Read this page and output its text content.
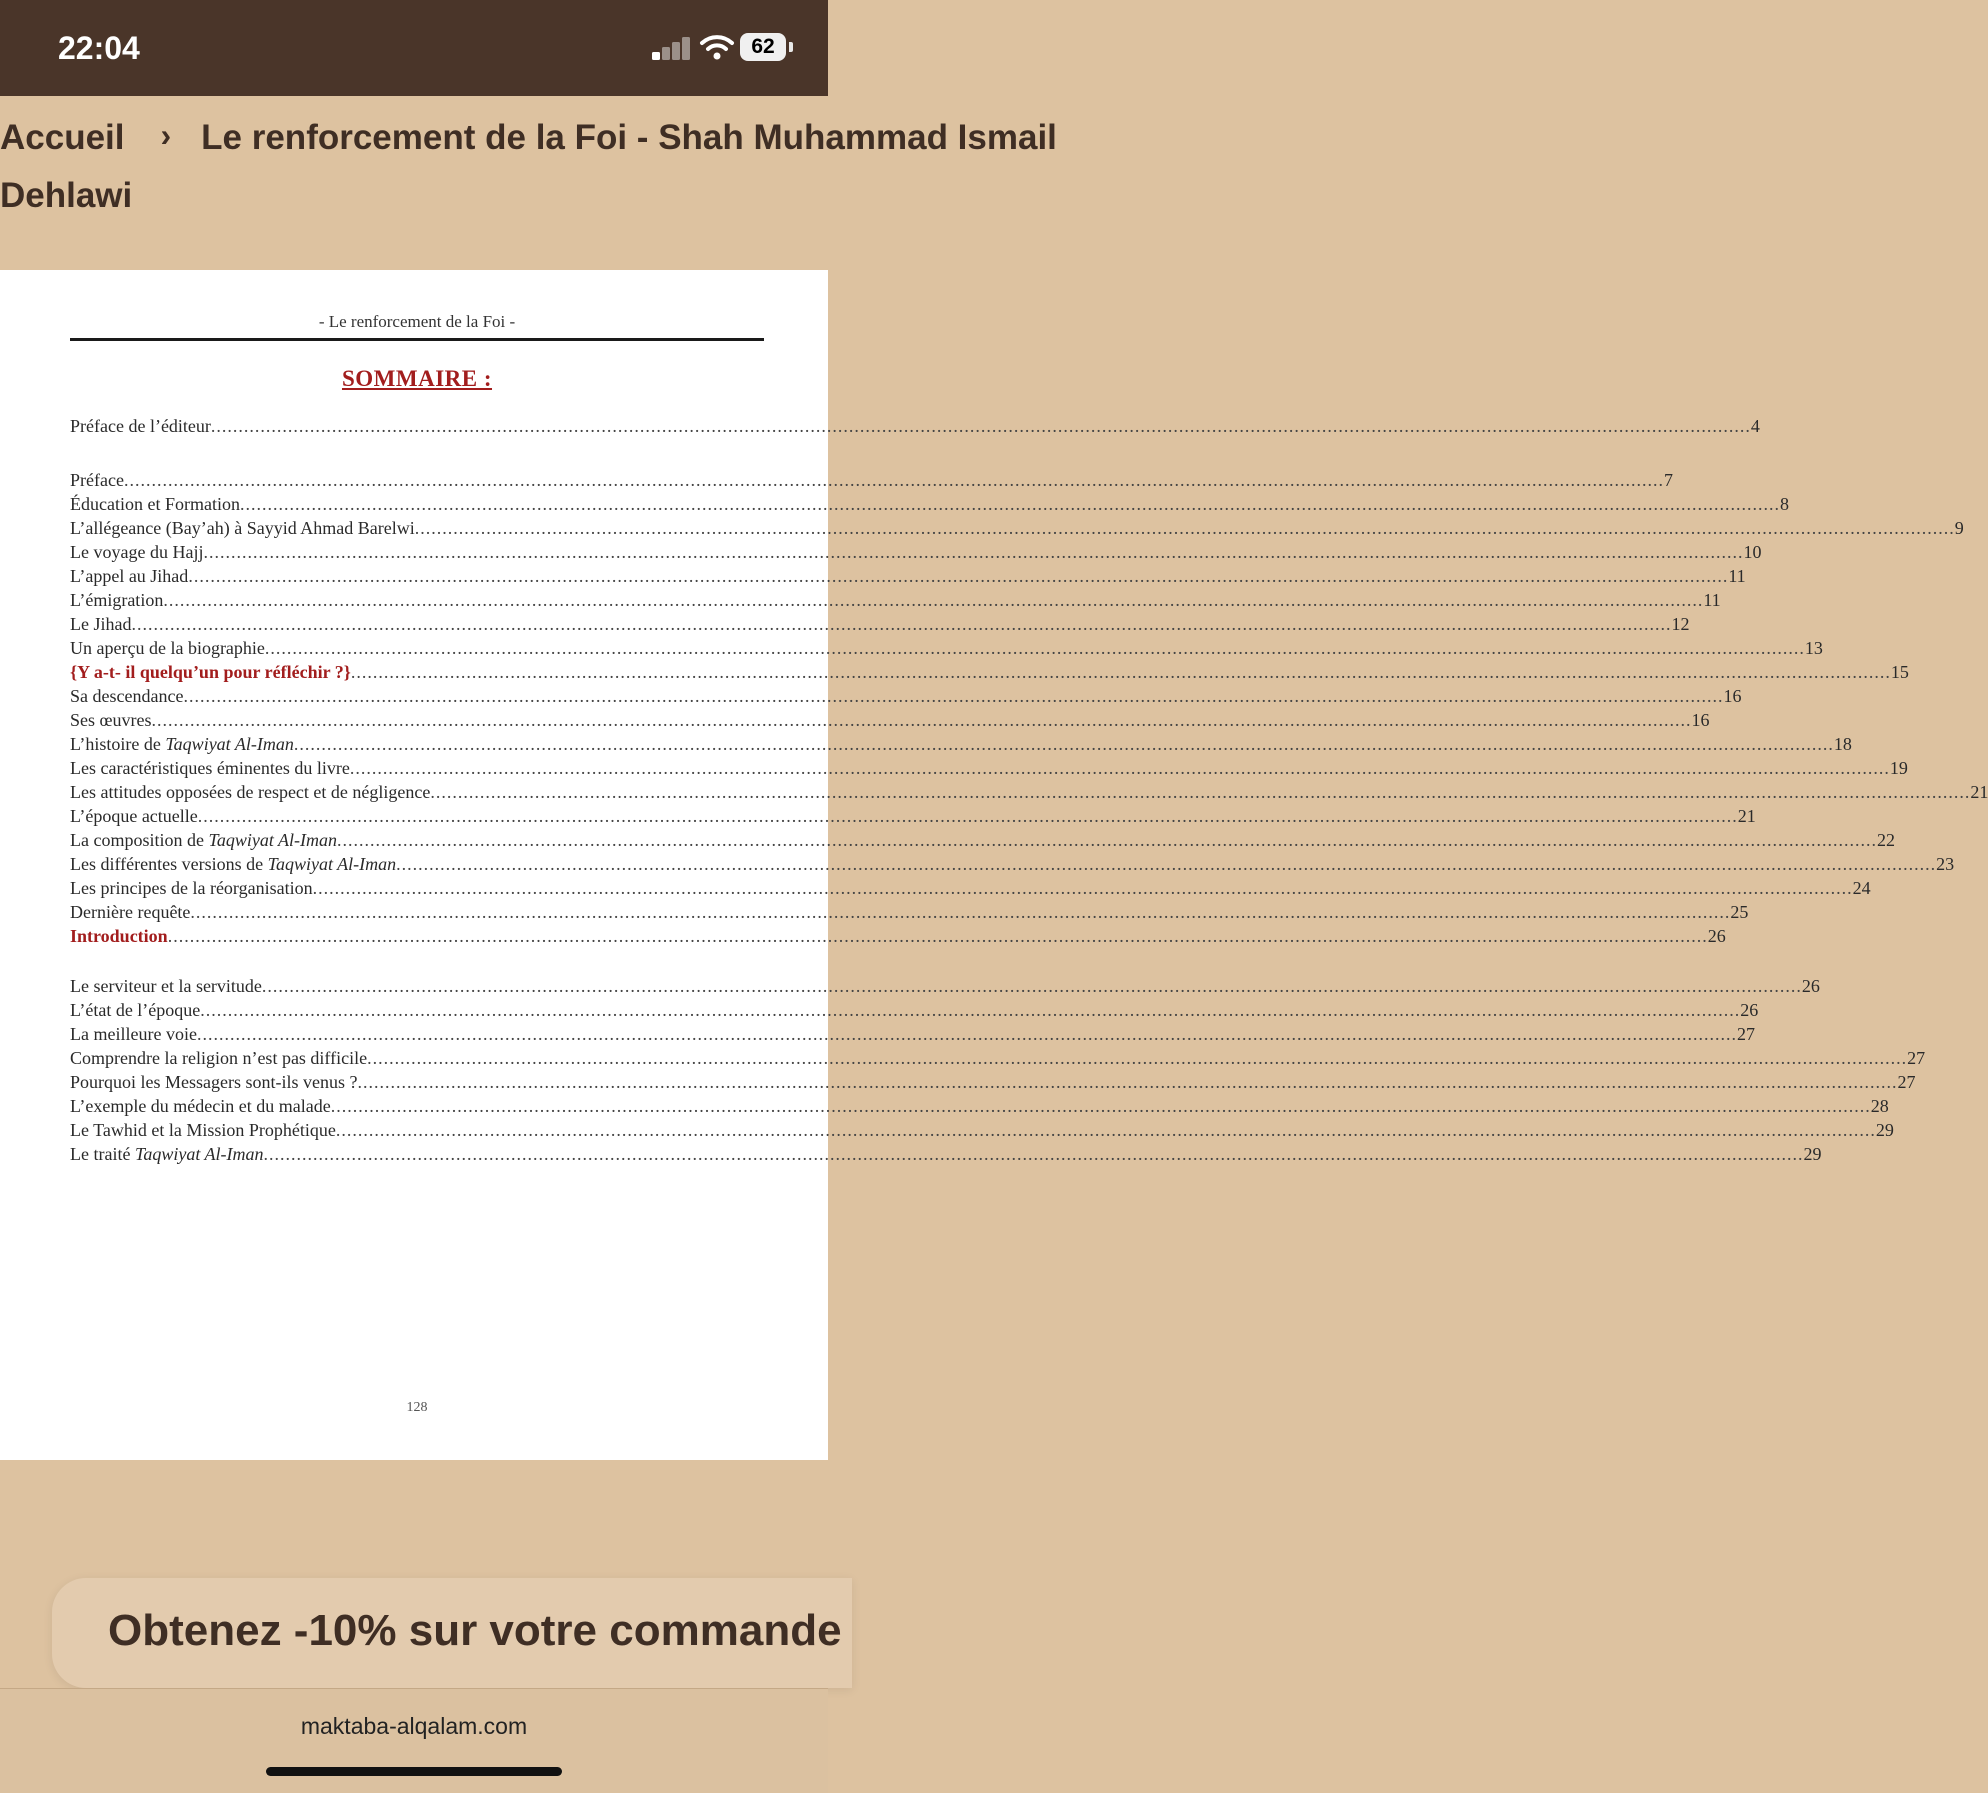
22:04	62
Accueil › Le renforcement de la Foi - Shah Muhammad Ismail
Dehlawi
- Le renforcement de la Foi -
SOMMAIRE :
Préface de l’éditeur .....	4
Préface .....	7
Éducation et Formation .....	8
L’allégeance (Bay’ah) à Sayyid Ahmad Barelwi .....	9
Le voyage du Hajj .....	10
L’appel au Jihad .....	11
L’émigration .....	11
Le Jihad .....	12
Un aperçu de la biographie .....	13
{Y a-t- il quelqu’un pour réfléchir ?} .....	15
Sa descendance .....	16
Ses œuvres .....	16
L’histoire de Taqwiyat Al-Iman .....	18
Les caractéristiques éminentes du livre .....	19
Les attitudes opposées de respect et de négligence .....	21
L’époque actuelle .....	21
La composition de Taqwiyat Al-Iman .....	22
Les différentes versions de Taqwiyat Al-Iman .....	23
Les principes de la réorganisation .....	24
Dernière requête .....	25
Introduction .....	26
Le serviteur et la servitude .....	26
L’état de l’époque .....	26
La meilleure voie .....	27
Comprendre la religion n’est pas difficile .....	27
Pourquoi les Messagers sont-ils venus ? .....	27
L’exemple du médecin et du malade .....	28
Le Tawhid et la Mission Prophétique .....	29
Le traité Taqwiyat Al-Iman .....	29
128
Obtenez -10% sur votre commande
maktaba-alqalam.com
